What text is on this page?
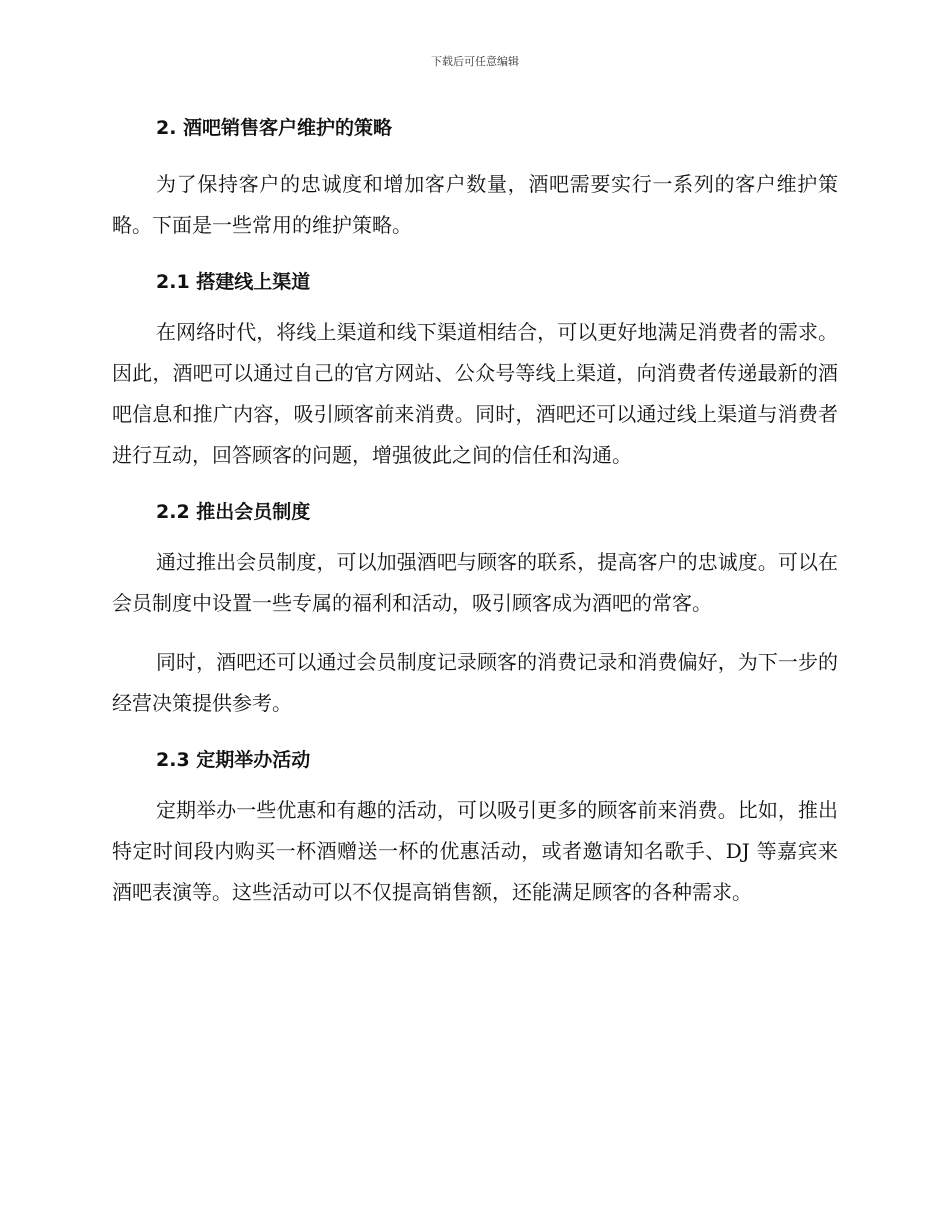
下载后可任意编辑
2. 酒吧销售客户维护的策略

为了保持客户的忠诚度和增加客户数量，酒吧需要实行一系列的客户维护策略。下面是一些常用的维护策略。

2.1 搭建线上渠道

在网络时代，将线上渠道和线下渠道相结合，可以更好地满足消费者的需求。因此，酒吧可以通过自己的官方网站、公众号等线上渠道，向消费者传递最新的酒吧信息和推广内容，吸引顾客前来消费。同时，酒吧还可以通过线上渠道与消费者进行互动，回答顾客的问题，增强彼此之间的信任和沟通。

2.2 推出会员制度

通过推出会员制度，可以加强酒吧与顾客的联系，提高客户的忠诚度。可以在会员制度中设置一些专属的福利和活动，吸引顾客成为酒吧的常客。

同时，酒吧还可以通过会员制度记录顾客的消费记录和消费偏好，为下一步的经营决策提供参考。

2.3 定期举办活动

定期举办一些优惠和有趣的活动，可以吸引更多的顾客前来消费。比如，推出特定时间段内购买一杯酒赠送一杯的优惠活动，或者邀请知名歌手、DJ 等嘉宾来酒吧表演等。这些活动可以不仅提高销售额，还能满足顾客的各种需求。
